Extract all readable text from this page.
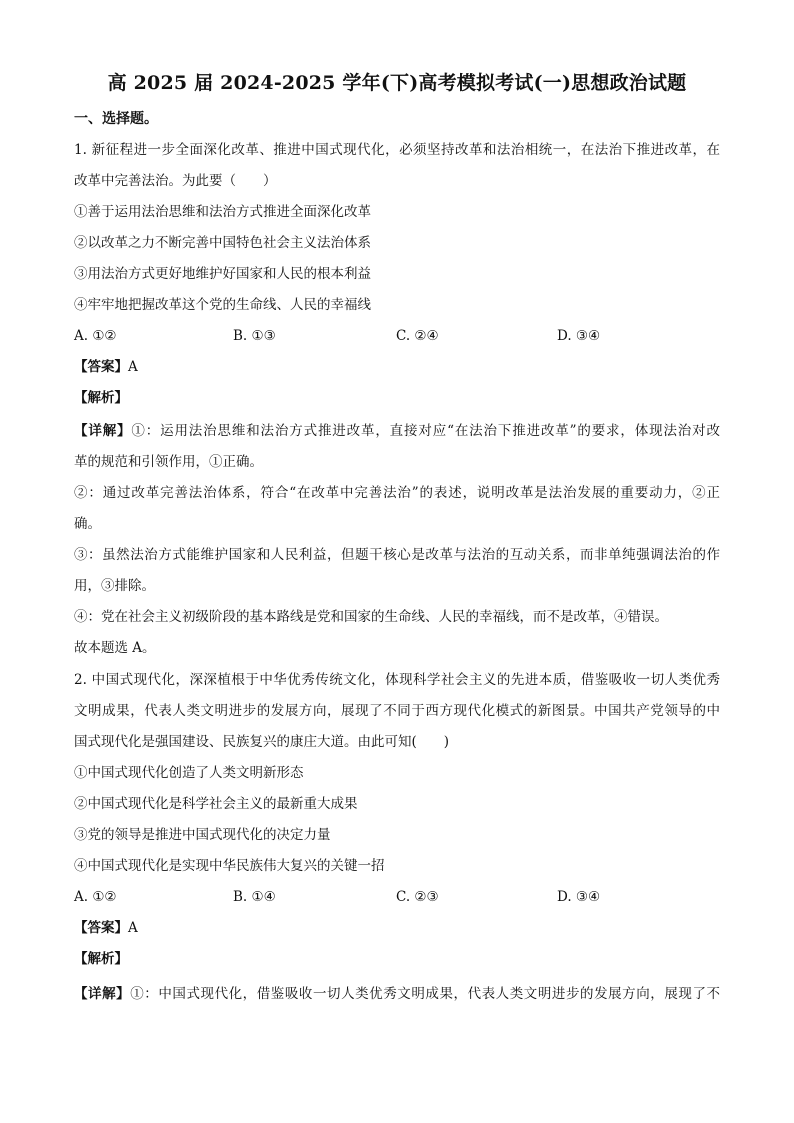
高 2025 届 2024-2025 学年(下)高考模拟考试(一)思想政治试题
一、选择题。
1. 新征程进一步全面深化改革、推进中国式现代化，必须坚持改革和法治相统一，在法治下推进改革，在
改革中完善法治。为此要（　　）
①善于运用法治思维和法治方式推进全面深化改革
②以改革之力不断完善中国特色社会主义法治体系
③用法治方式更好地维护好国家和人民的根本利益
④牢牢地把握改革这个党的生命线、人民的幸福线
A. ①②	B. ①③	C. ②④	D. ③④
【答案】A
【解析】
【详解】①：运用法治思维和法治方式推进改革，直接对应“在法治下推进改革”的要求，体现法治对改
革的规范和引领作用，①正确。
②：通过改革完善法治体系，符合“在改革中完善法治”的表述，说明改革是法治发展的重要动力，②正
确。
③：虽然法治方式能维护国家和人民利益，但题干核心是改革与法治的互动关系，而非单纯强调法治的作
用，③排除。
④：党在社会主义初级阶段的基本路线是党和国家的生命线、人民的幸福线，而不是改革，④错误。
故本题选 A。
2. 中国式现代化，深深植根于中华优秀传统文化，体现科学社会主义的先进本质，借鉴吸收一切人类优秀
文明成果，代表人类文明进步的发展方向，展现了不同于西方现代化模式的新图景。中国共产党领导的中
国式现代化是强国建设、民族复兴的康庄大道。由此可知(　　)
①中国式现代化创造了人类文明新形态
②中国式现代化是科学社会主义的最新重大成果
③党的领导是推进中国式现代化的决定力量
④中国式现代化是实现中华民族伟大复兴的关键一招
A. ①②	B. ①④	C. ②③	D. ③④
【答案】A
【解析】
【详解】①：中国式现代化，借鉴吸收一切人类优秀文明成果，代表人类文明进步的发展方向，展现了不
